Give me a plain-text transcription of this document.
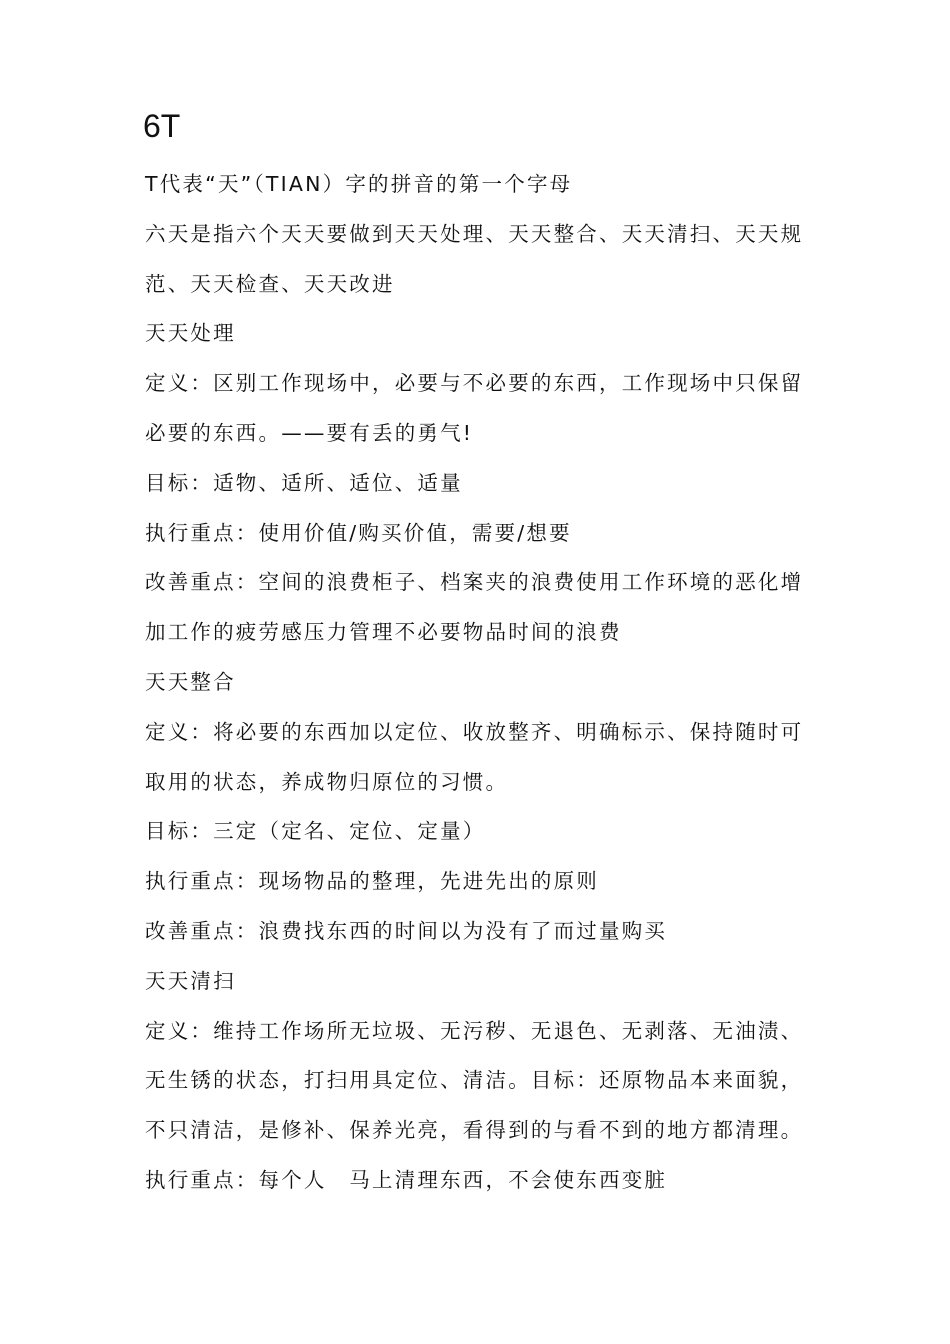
6T
T代表“天”（TIAN）字的拼音的第一个字母
六天是指六个天天要做到天天处理、天天整合、天天清扫、天天规
范、天天检查、天天改进
天天处理
定义：区别工作现场中，必要与不必要的东西，工作现场中只保留
必要的东西。——要有丢的勇气!
目标：适物、适所、适位、适量
执行重点：使用价值/购买价值，需要/想要
改善重点：空间的浪费柜子、档案夹的浪费使用工作环境的恶化增
加工作的疲劳感压力管理不必要物品时间的浪费
天天整合
定义：将必要的东西加以定位、收放整齐、明确标示、保持随时可
取用的状态，养成物归原位的习惯。
目标：三定（定名、定位、定量）
执行重点：现场物品的整理，先进先出的原则
改善重点：浪费找东西的时间以为没有了而过量购买
天天清扫
定义：维持工作场所无垃圾、无污秽、无退色、无剥落、无油渍、
无生锈的状态，打扫用具定位、清洁。目标：还原物品本来面貌，
不只清洁，是修补、保养光亮，看得到的与看不到的地方都清理。
执行重点：每个人　马上清理东西，不会使东西变脏
